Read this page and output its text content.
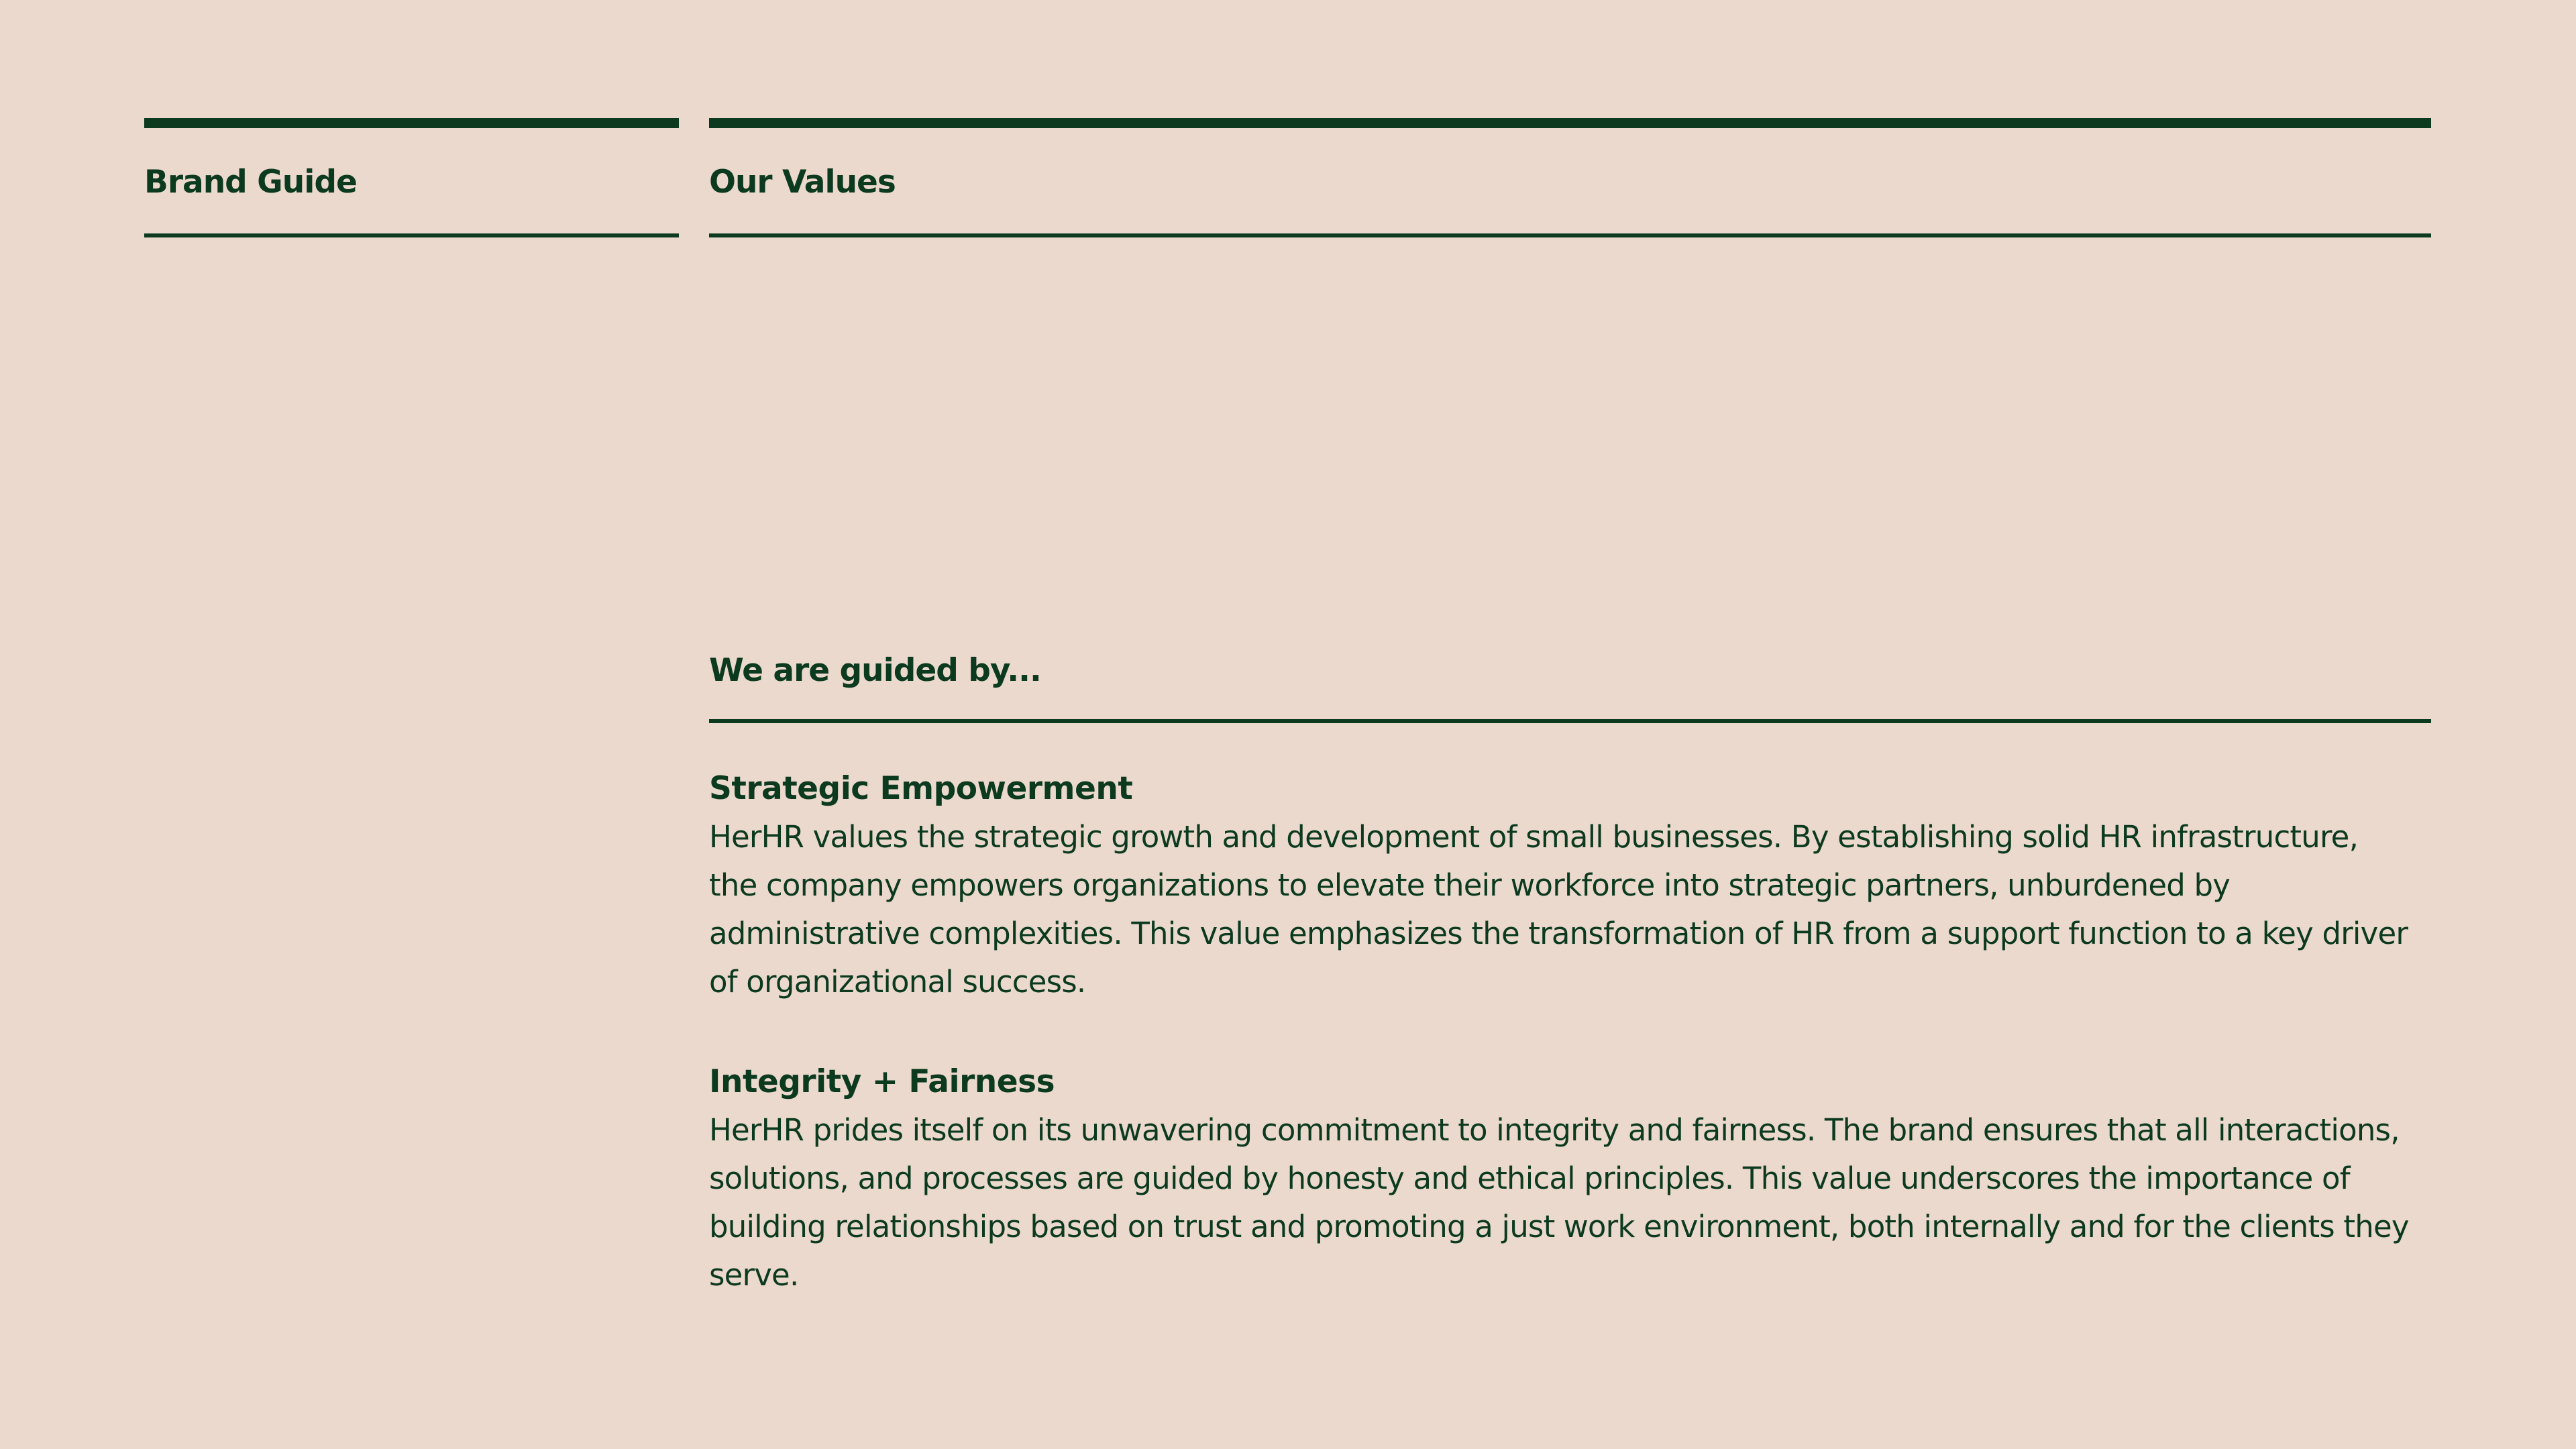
Brand Guide	Our Values
We are guided by...
Strategic Empowerment
HerHR values the strategic growth and development of small businesses. By establishing solid HR infrastructure, the company empowers organizations to elevate their workforce into strategic partners, unburdened by administrative complexities. This value emphasizes the transformation of HR from a support function to a key driver of organizational success.
Integrity + Fairness
HerHR prides itself on its unwavering commitment to integrity and fairness. The brand ensures that all interactions, solutions, and processes are guided by honesty and ethical principles. This value underscores the importance of building relationships based on trust and promoting a just work environment, both internally and for the clients they serve.
